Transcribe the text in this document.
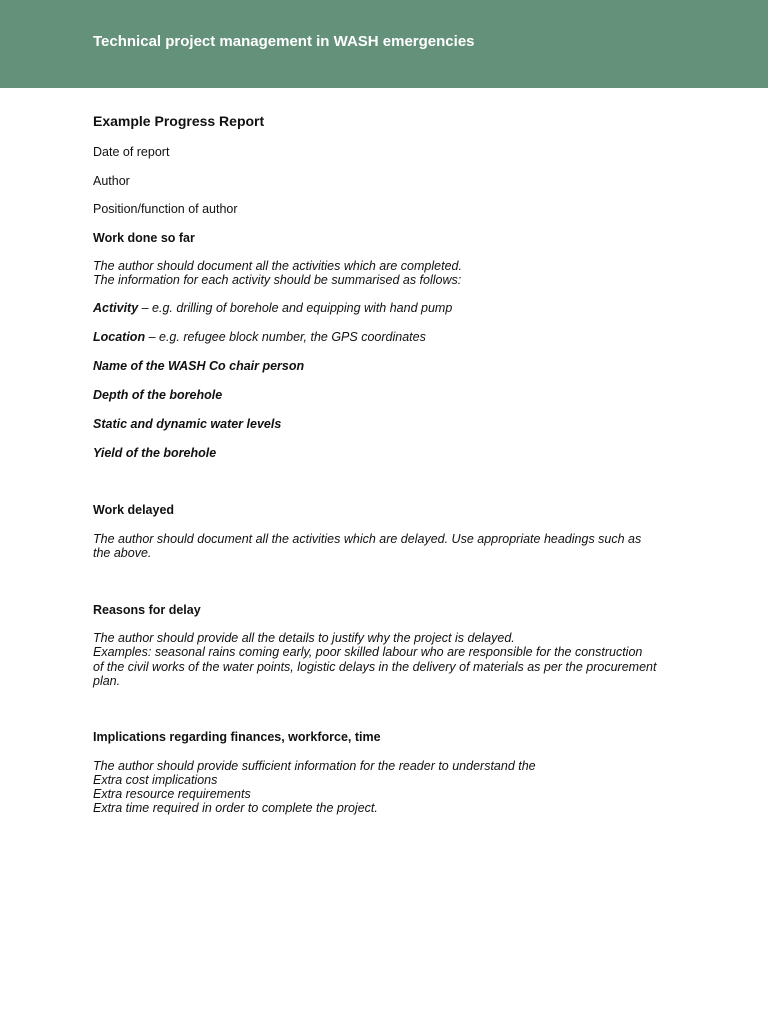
Technical project management in WASH emergencies
Example Progress Report
Date of report
Author
Position/function of author
Work done so far
The author should document all the activities which are completed.
The information for each activity should be summarised as follows:
Activity – e.g. drilling of borehole and equipping with hand pump
Location – e.g. refugee block number, the GPS coordinates
Name of the WASH Co chair person
Depth of the borehole
Static and dynamic water levels
Yield of the borehole
Work delayed
The author should document all the activities which are delayed. Use appropriate headings such as
the above.
Reasons for delay
The author should provide all the details to justify why the project is delayed.
Examples: seasonal rains coming early, poor skilled labour who are responsible for the construction
of the civil works of the water points, logistic delays in the delivery of materials as per the procurement
plan.
Implications regarding finances, workforce, time
The author should provide sufficient information for the reader to understand the
Extra cost implications
Extra resource requirements
Extra time required in order to complete the project.
